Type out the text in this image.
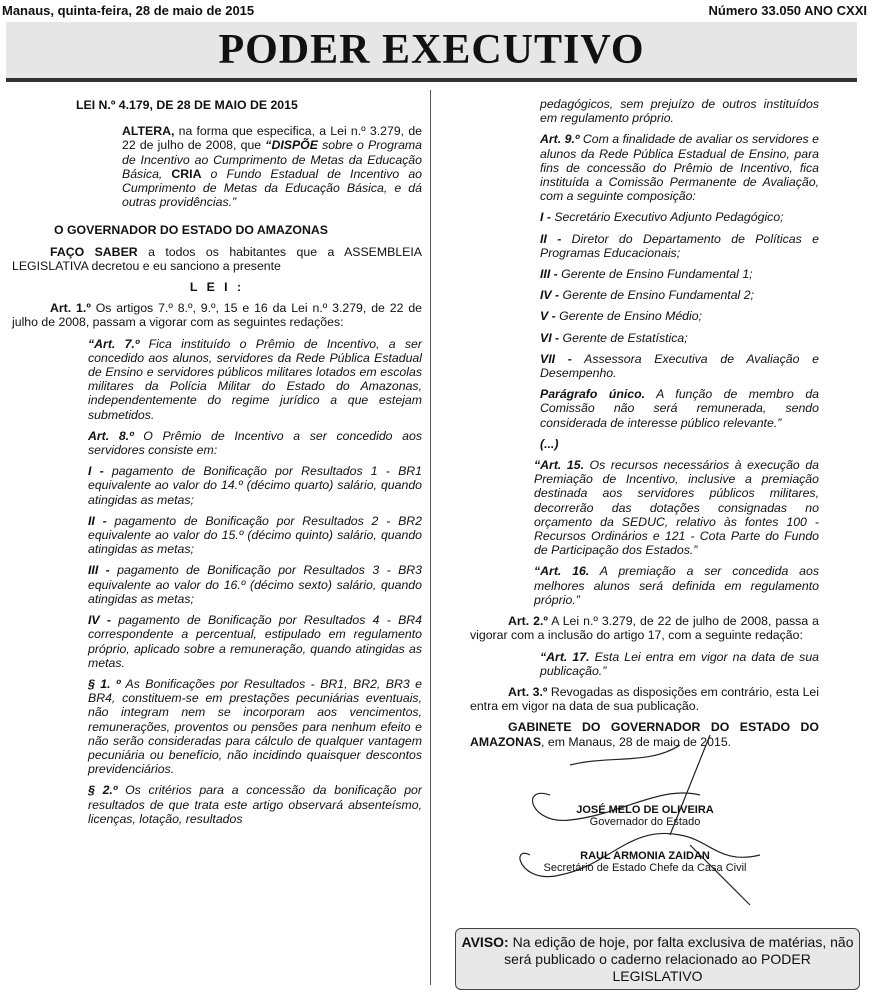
Manaus, quinta-feira, 28 de maio de 2015	Número 33.050 ANO CXXI
PODER EXECUTIVO

LEI N.º 4.179, DE 28 DE MAIO DE 2015

ALTERA, na forma que especifica, a Lei n.º 3.279, de 22 de julho de 2008, que “DISPÕE sobre o Programa de Incentivo ao Cumprimento de Metas da Educação Básica, CRIA o Fundo Estadual de Incentivo ao Cumprimento de Metas da Educação Básica, e dá outras providências.”

O GOVERNADOR DO ESTADO DO AMAZONAS

FAÇO SABER a todos os habitantes que a ASSEMBLEIA LEGISLATIVA decretou e eu sanciono a presente

L E I :

Art. 1.º Os artigos 7.º 8.º, 9.º, 15 e 16 da Lei n.º 3.279, de 22 de julho de 2008, passam a vigorar com as seguintes redações:

“Art. 7.º Fica instituído o Prêmio de Incentivo, a ser concedido aos alunos, servidores da Rede Pública Estadual de Ensino e servidores públicos militares lotados em escolas militares da Polícia Militar do Estado do Amazonas, independentemente do regime jurídico a que estejam submetidos.

Art. 8.º O Prêmio de Incentivo a ser concedido aos servidores consiste em:

I - pagamento de Bonificação por Resultados 1 - BR1 equivalente ao valor do 14.º (décimo quarto) salário, quando atingidas as metas;

II - pagamento de Bonificação por Resultados 2 - BR2 equivalente ao valor do 15.º (décimo quinto) salário, quando atingidas as metas;

III - pagamento de Bonificação por Resultados 3 - BR3 equivalente ao valor do 16.º (décimo sexto) salário, quando atingidas as metas;

IV - pagamento de Bonificação por Resultados 4 - BR4 correspondente a percentual, estipulado em regulamento próprio, aplicado sobre a remuneração, quando atingidas as metas.

§ 1. º As Bonificações por Resultados - BR1, BR2, BR3 e BR4, constituem-se em prestações pecuniárias eventuais, não integram nem se incorporam aos vencimentos, remunerações, proventos ou pensões para nenhum efeito e não serão consideradas para cálculo de qualquer vantagem pecuniária ou benefício, não incidindo quaisquer descontos previdenciários.

§ 2.º Os critérios para a concessão da bonificação por resultados de que trata este artigo observará absenteísmo, licenças, lotação, resultados

pedagógicos, sem prejuízo de outros instituídos em regulamento próprio.

Art. 9.º Com a finalidade de avaliar os servidores e alunos da Rede Pública Estadual de Ensino, para fins de concessão do Prêmio de Incentivo, fica instituída a Comissão Permanente de Avaliação, com a seguinte composição:

I - Secretário Executivo Adjunto Pedagógico;

II - Diretor do Departamento de Políticas e Programas Educacionais;

III - Gerente de Ensino Fundamental 1;

IV - Gerente de Ensino Fundamental 2;

V - Gerente de Ensino Médio;

VI - Gerente de Estatística;

VII - Assessora Executiva de Avaliação e Desempenho.

Parágrafo único. A função de membro da Comissão não será remunerada, sendo considerada de interesse público relevante.”

(...)

“Art. 15. Os recursos necessários à execução da Premiação de Incentivo, inclusive a premiação destinada aos servidores públicos militares, decorrerão das dotações consignadas no orçamento da SEDUC, relativo às fontes 100 - Recursos Ordinários e 121 - Cota Parte do Fundo de Participação dos Estados.”

“Art. 16. A premiação a ser concedida aos melhores alunos será definida em regulamento próprio.”

Art. 2.º A Lei n.º 3.279, de 22 de julho de 2008, passa a vigorar com a inclusão do artigo 17, com a seguinte redação:

“Art. 17. Esta Lei entra em vigor na data de sua publicação.”

Art. 3.º Revogadas as disposições em contrário, esta Lei entra em vigor na data de sua publicação.

GABINETE DO GOVERNADOR DO ESTADO DO AMAZONAS, em Manaus, 28 de maio de 2015.

JOSÉ MELO DE OLIVEIRA
Governador do Estado
RAUL ARMONIA ZAIDAN
Secretário de Estado Chefe da Casa Civil
AVISO: Na edição de hoje, por falta exclusiva de matérias, não será publicado o caderno relacionado ao PODER LEGISLATIVO
